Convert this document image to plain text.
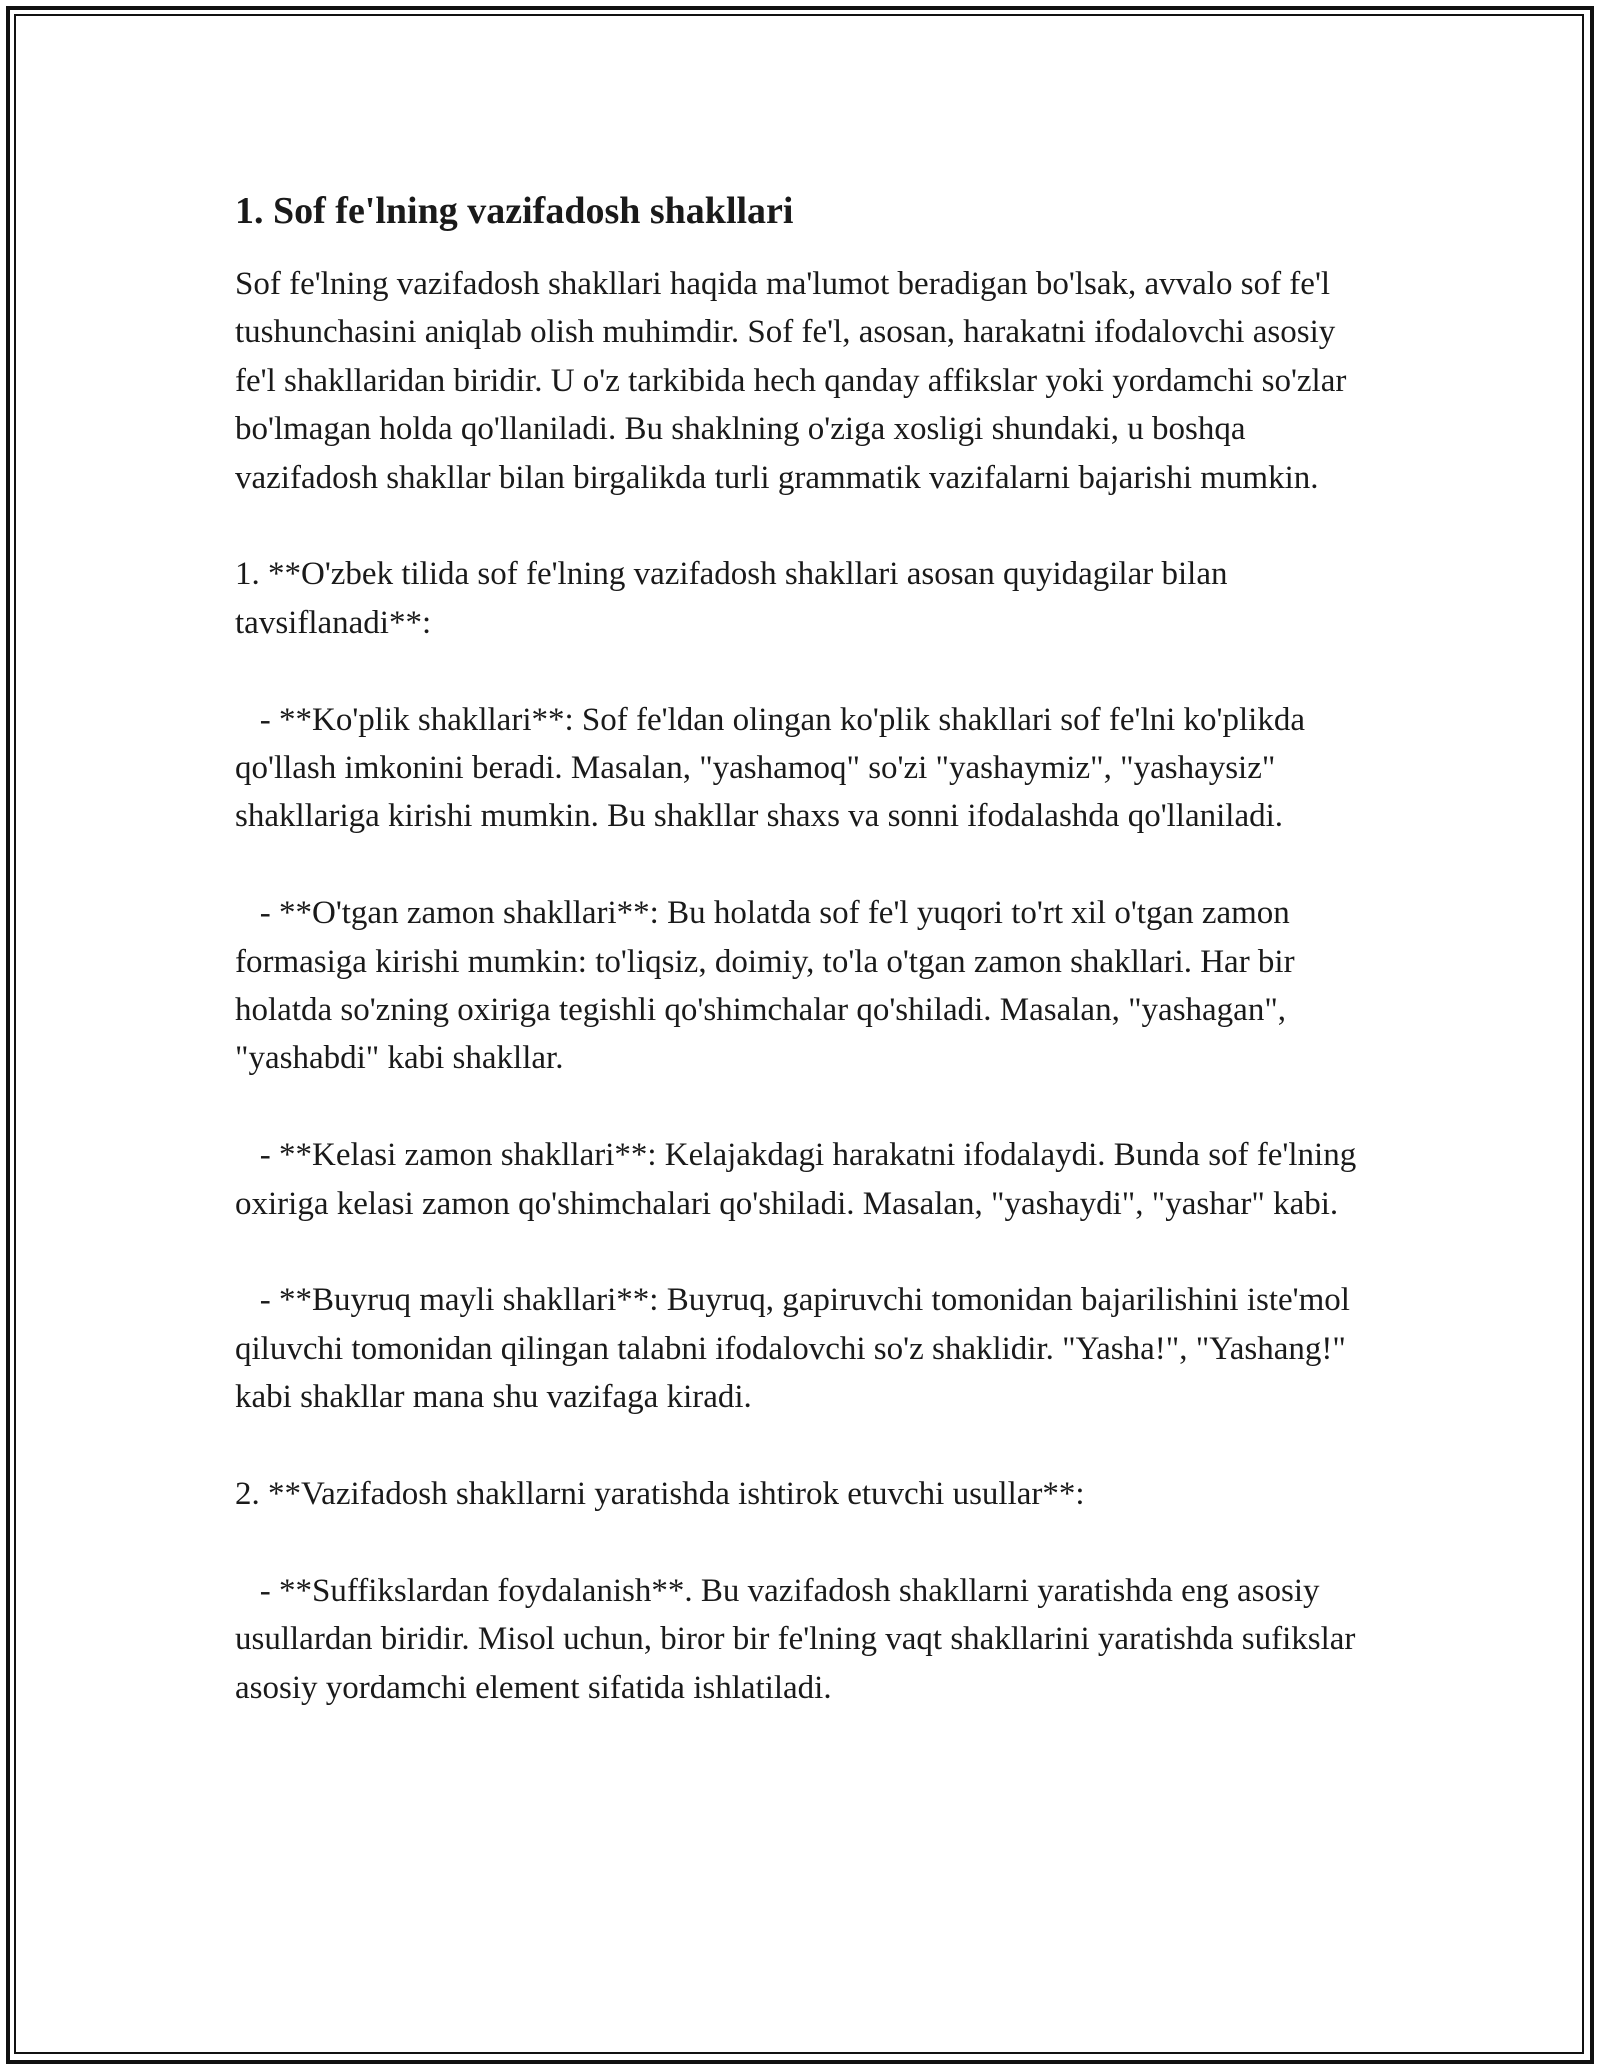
1. Sof fe'lning vazifadosh shakllari

Sof fe'lning vazifadosh shakllari haqida ma'lumot beradigan bo'lsak, avvalo sof fe'l tushunchasini aniqlab olish muhimdir. Sof fe'l, asosan, harakatni ifodalovchi asosiy fe'l shakllaridan biridir. U o'z tarkibida hech qanday affikslar yoki yordamchi so'zlar bo'lmagan holda qo'llaniladi. Bu shaklning o'ziga xosligi shundaki, u boshqa vazifadosh shakllar bilan birgalikda turli grammatik vazifalarni bajarishi mumkin.

1. **O'zbek tilida sof fe'lning vazifadosh shakllari asosan quyidagilar bilan tavsiflanadi**:

- **Ko'plik shakllari**: Sof fe'ldan olingan ko'plik shakllari sof fe'lni ko'plikda qo'llash imkonini beradi. Masalan, "yashamoq" so'zi "yashaymiz", "yashaysiz" shakllariga kirishi mumkin. Bu shakllar shaxs va sonni ifodalashda qo'llaniladi.

- **O'tgan zamon shakllari**: Bu holatda sof fe'l yuqori to'rt xil o'tgan zamon formasiga kirishi mumkin: to'liqsiz, doimiy, to'la o'tgan zamon shakllari. Har bir holatda so'zning oxiriga tegishli qo'shimchalar qo'shiladi. Masalan, "yashagan", "yashabdi" kabi shakllar.

- **Kelasi zamon shakllari**: Kelajakdagi harakatni ifodalaydi. Bunda sof fe'lning oxiriga kelasi zamon qo'shimchalari qo'shiladi. Masalan, "yashaydi", "yashar" kabi.

- **Buyruq mayli shakllari**: Buyruq, gapiruvchi tomonidan bajarilishini iste'mol qiluvchi tomonidan qilingan talabni ifodalovchi so'z shaklidir. "Yasha!", "Yashang!" kabi shakllar mana shu vazifaga kiradi.

2. **Vazifadosh shakllarni yaratishda ishtirok etuvchi usullar**:

- **Suffikslardan foydalanish**. Bu vazifadosh shakllarni yaratishda eng asosiy usullardan biridir. Misol uchun, biror bir fe'lning vaqt shakllarini yaratishda sufikslar asosiy yordamchi element sifatida ishlatiladi.
